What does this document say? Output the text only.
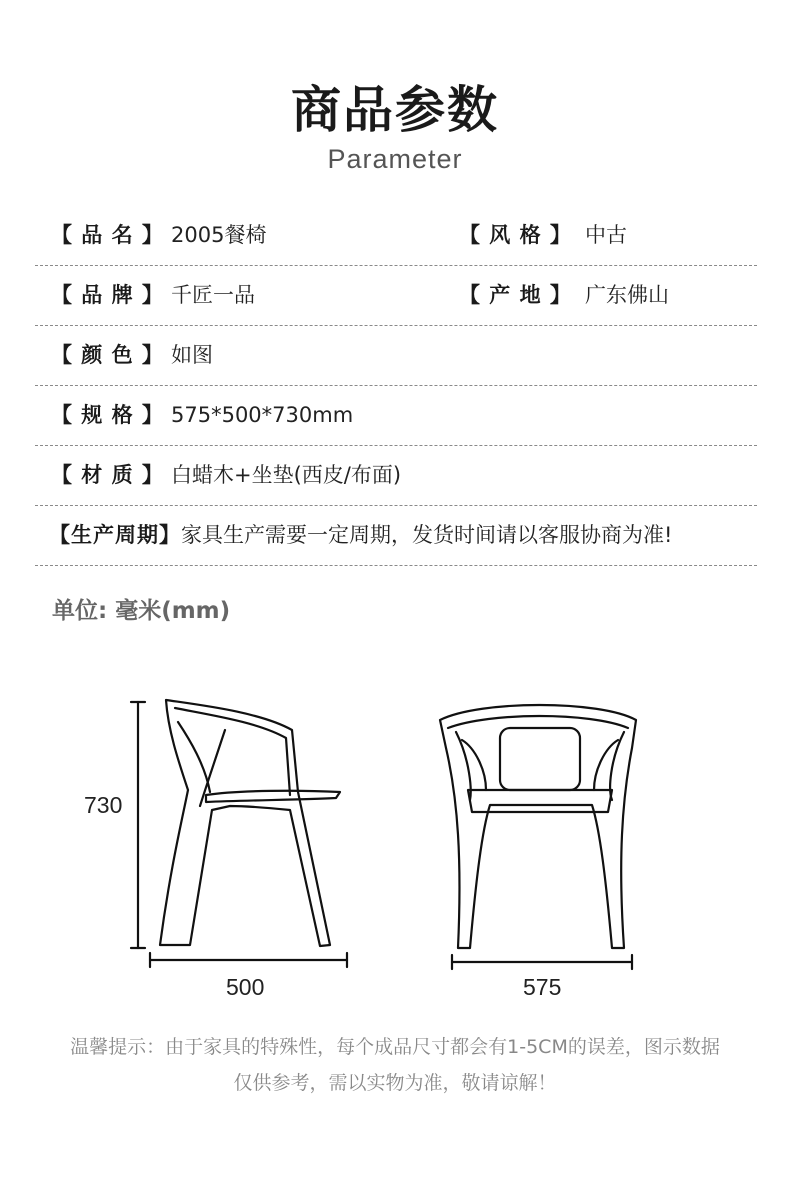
商品参数
Parameter
【 品 名 】 2005餐椅	【 风 格 】 中古
【 品 牌 】 千匠一品	【 产 地 】 广东佛山
【 颜 色 】 如图
【 规 格 】 575*500*730mm
【 材 质 】 白蜡木+坐垫(西皮/布面)
【生产周期】 家具生产需要一定周期，发货时间请以客服协商为准!
单位: 毫米(mm)
730
500	575
温馨提示：由于家具的特殊性，每个成品尺寸都会有1-5CM的误差，图示数据
仅供参考，需以实物为准，敬请谅解！
